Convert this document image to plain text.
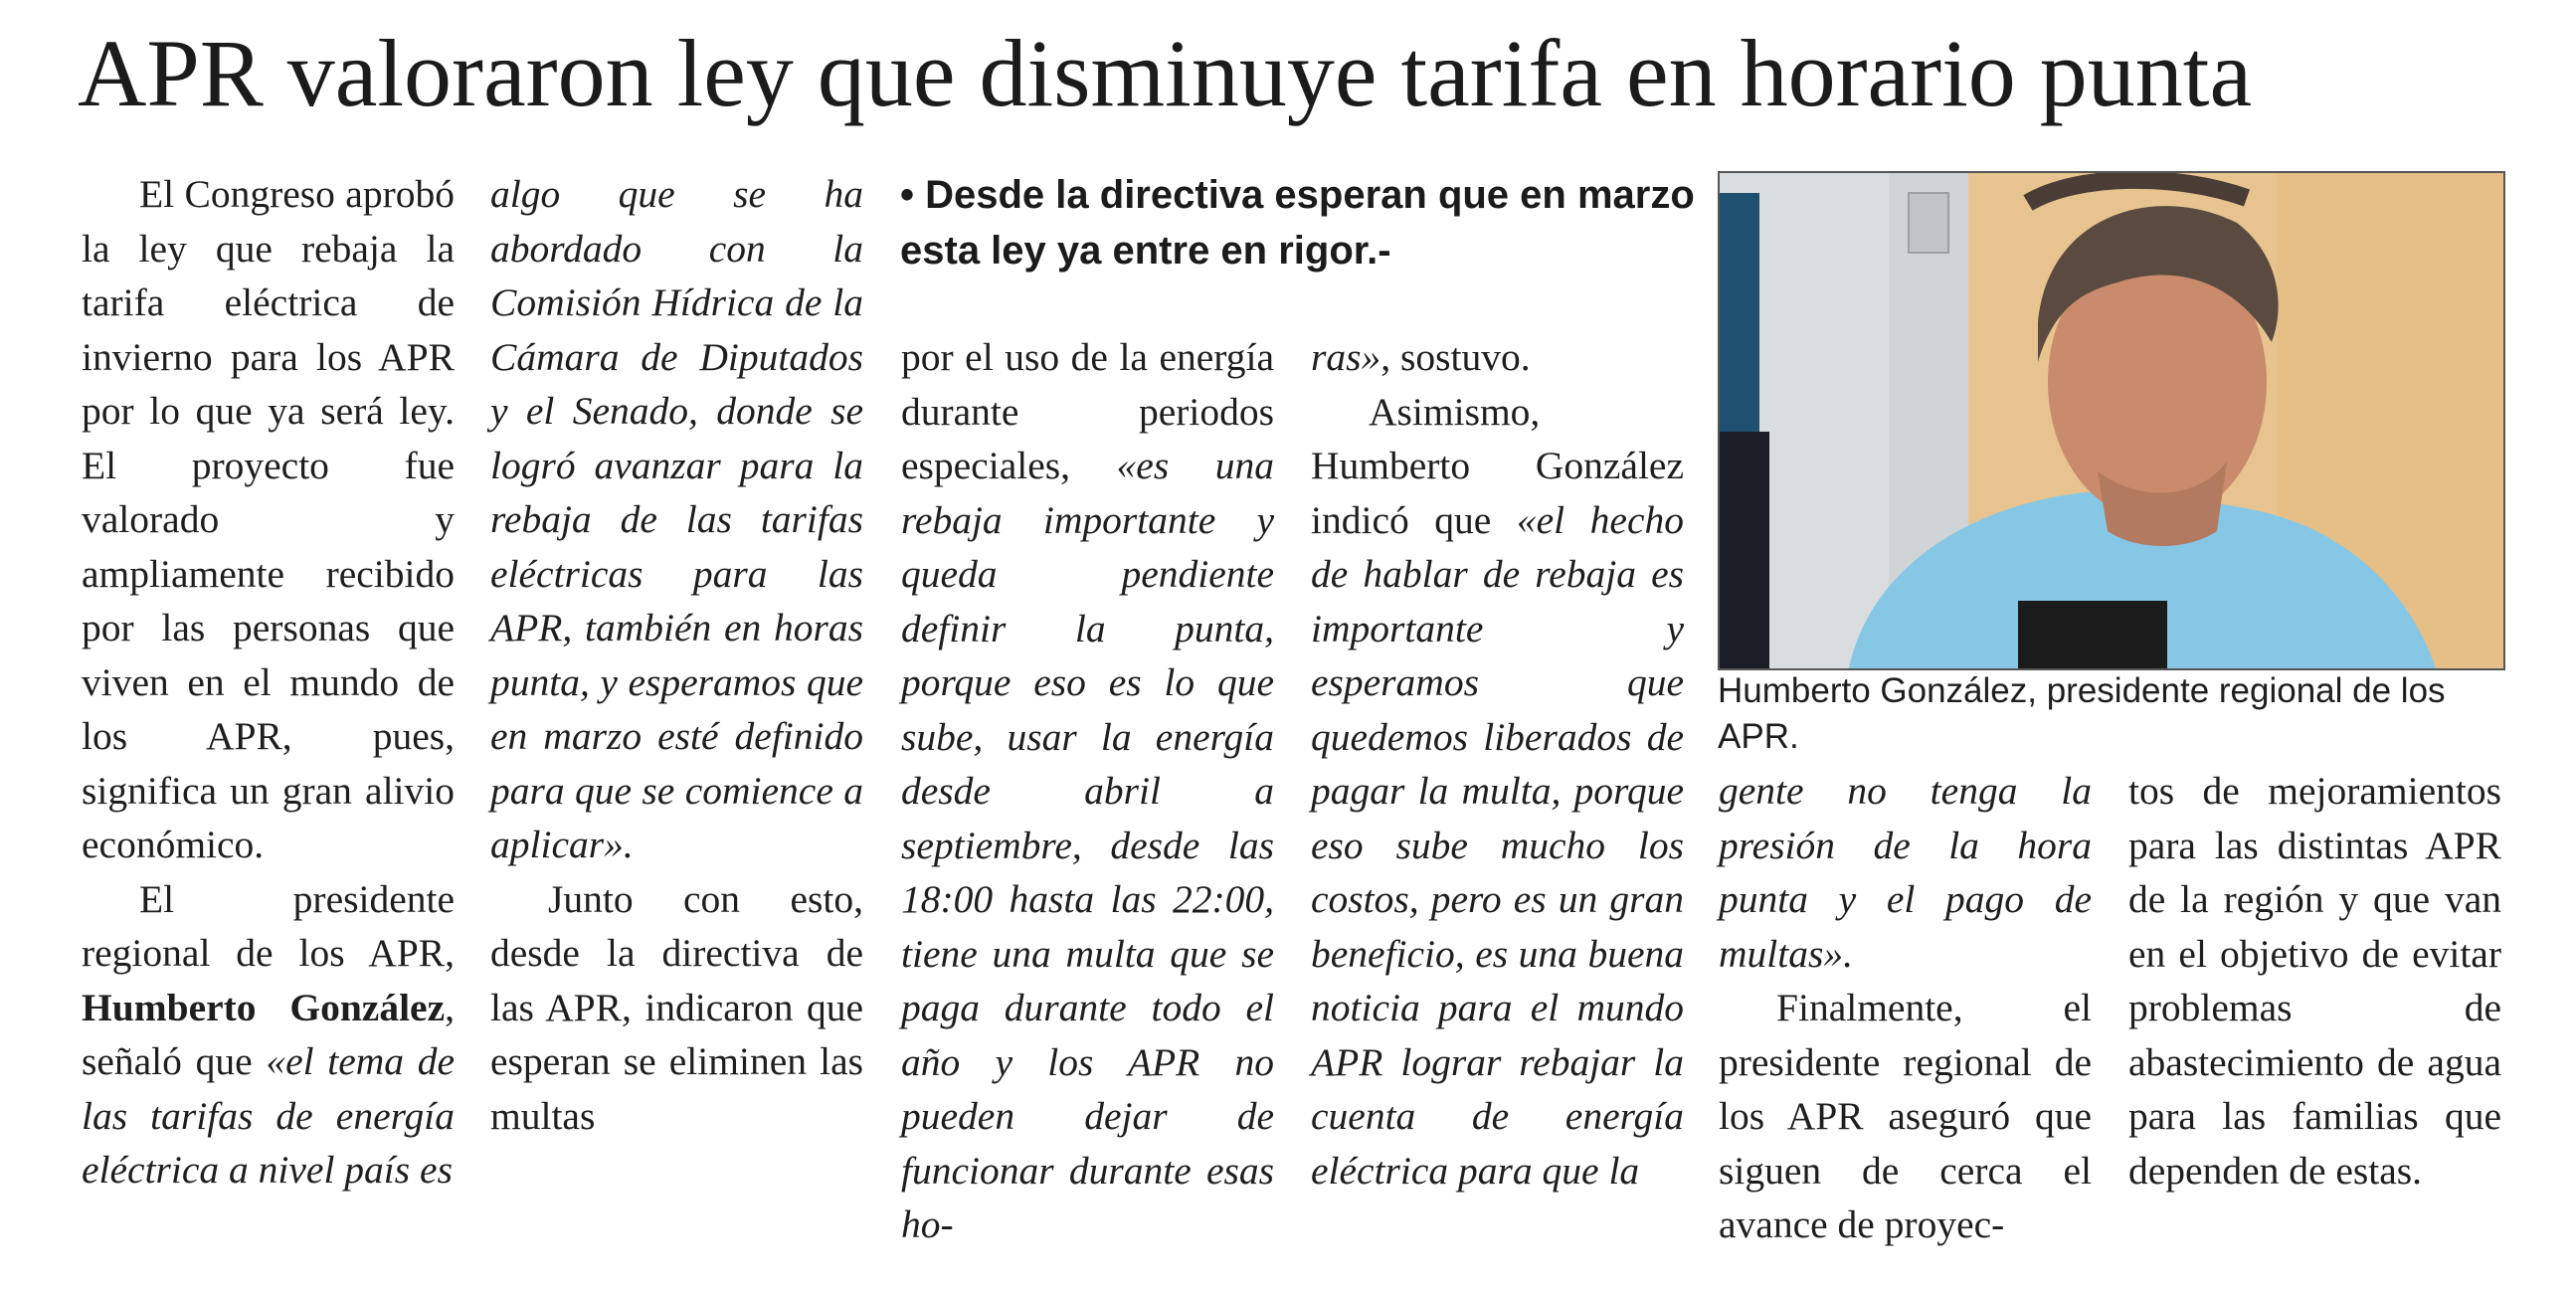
APR valoraron ley que disminuye tarifa en horario punta

El Congreso aprobó la ley que rebaja la tarifa eléctrica de invierno para los APR por lo que ya será ley. El proyecto fue valorado y ampliamente recibido por las personas que viven en el mundo de los APR, pues, significa un gran alivio económico.

El presidente regional de los APR, Humberto González, señaló que «el tema de las tarifas de energía eléctrica a nivel país es

algo que se ha abordado con la Comisión Hídrica de la Cámara de Diputados y el Senado, donde se logró avanzar para la rebaja de las tarifas eléctricas para las APR, también en horas punta, y esperamos que en marzo esté definido para que se comience a aplicar».

Junto con esto, desde la directiva de las APR, indicaron que esperan se eliminen las multas

• Desde la directiva esperan que en marzo esta ley ya entre en rigor.-

por el uso de la energía durante periodos especiales, «es una rebaja importante y queda pendiente definir la punta, porque eso es lo que sube, usar la energía desde abril a septiembre, desde las 18:00 hasta las 22:00, tiene una multa que se paga durante todo el año y los APR no pueden dejar de funcionar durante esas ho-

ras», sostuvo.

Asimismo, Humberto González indicó que «el hecho de hablar de rebaja es importante y esperamos que quedemos liberados de pagar la multa, porque eso sube mucho los costos, pero es un gran beneficio, es una buena noticia para el mundo APR lograr rebajar la cuenta de energía eléctrica para que la

Humberto González, presidente regional de los APR.

gente no tenga la presión de la hora punta y el pago de multas».

Finalmente, el presidente regional de los APR aseguró que siguen de cerca el avance de proyec-

tos de mejoramientos para las distintas APR de la región y que van en el objetivo de evitar problemas de abastecimiento de agua para las familias que dependen de estas.
